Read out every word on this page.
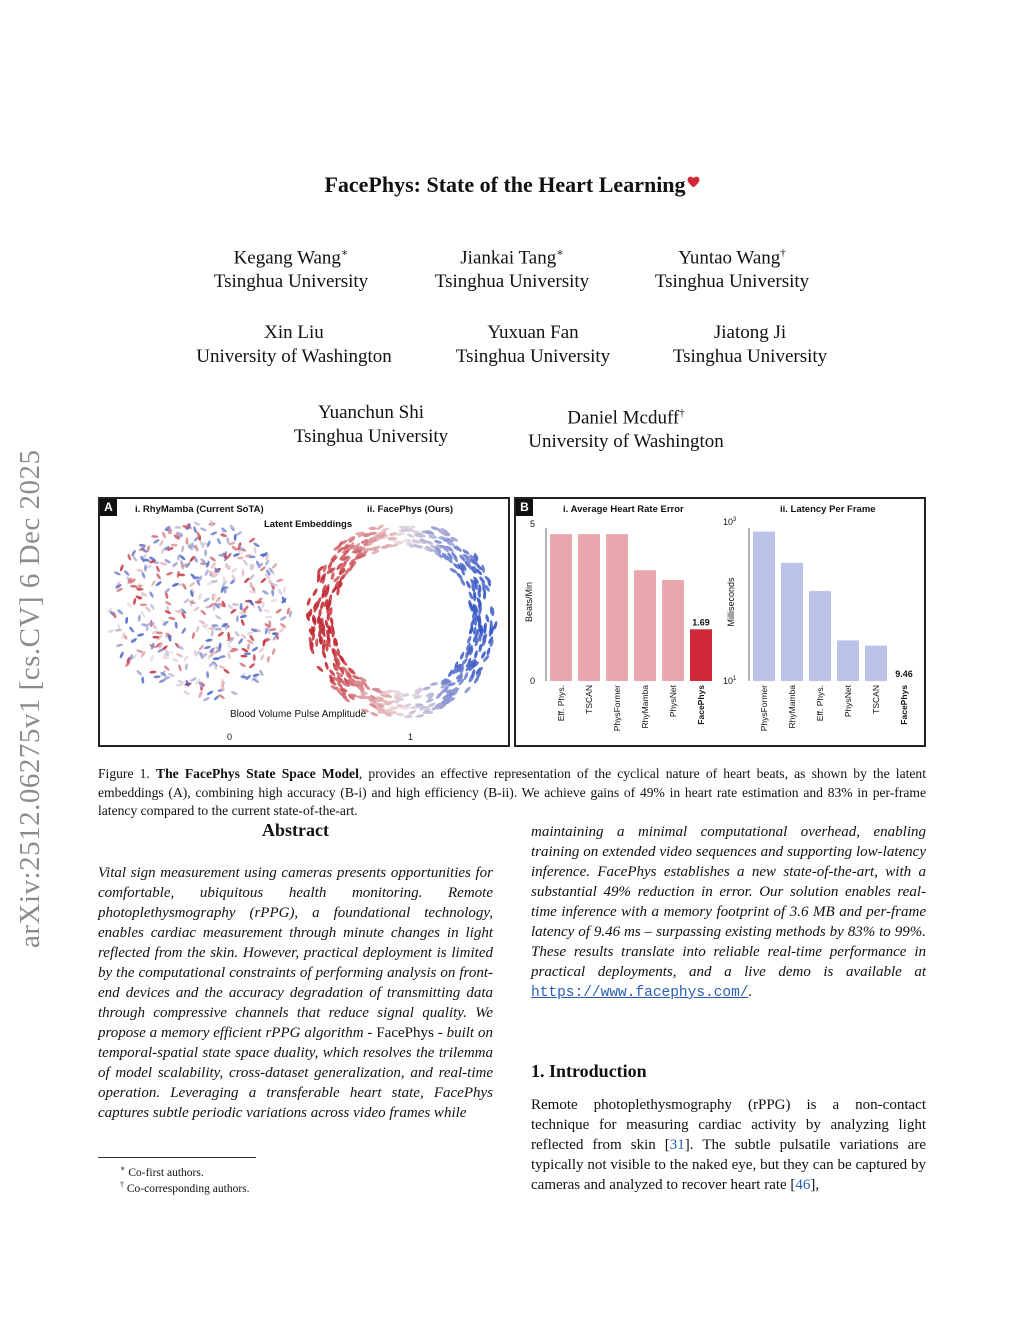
arXiv:2512.06275v1 [cs.CV] 6 Dec 2025
FacePhys: State of the Heart Learning
Kegang Wang∗
Tsinghua University
Jiankai Tang∗
Tsinghua University
Yuntao Wang†
Tsinghua University
Xin Liu
University of Washington
Yuxuan Fan
Tsinghua University
Jiatong Ji
Tsinghua University
Yuanchun Shi
Tsinghua University
Daniel Mcduff†
University of Washington
A	i. RhyMamba (Current SoTA)	ii. FacePhys (Ours)
Latent Embeddings
Blood Volume Pulse Amplitude
0	1
B	i. Average Heart Rate Error	ii. Latency Per Frame
5
0
Beats/Min
$10^3$
$10^1$
Milliseconds
Eff. Phys. TSCAN PhysFormer RhyMamba PhysNet
1.69
FacePhys	PhysFormer RhyMamba Eff. Phys. PhysNet TSCAN
9.46
FacePhys
Figure 1. The FacePhys State Space Model, provides an effective representation of the cyclical nature of heart beats, as shown by the latent embeddings (A), combining high accuracy (B-i) and high efficiency (B-ii). We achieve gains of 49% in heart rate estimation and 83% in per-frame latency compared to the current state-of-the-art.
Abstract
Vital sign measurement using cameras presents opportunities for comfortable, ubiquitous health monitoring. Remote photoplethysmography (rPPG), a foundational technology, enables cardiac measurement through minute changes in light reflected from the skin. However, practical deployment is limited by the computational constraints of performing analysis on front-end devices and the accuracy degradation of transmitting data through compressive channels that reduce signal quality. We propose a memory efficient rPPG algorithm - FacePhys - built on temporal-spatial state space duality, which resolves the trilemma of model scalability, cross-dataset generalization, and real-time operation. Leveraging a transferable heart state, FacePhys captures subtle periodic variations across video frames while
maintaining a minimal computational overhead, enabling training on extended video sequences and supporting low-latency inference. FacePhys establishes a new state-of-the-art, with a substantial 49% reduction in error. Our solution enables real-time inference with a memory footprint of 3.6 MB and per-frame latency of 9.46 ms – surpassing existing methods by 83% to 99%. These results translate into reliable real-time performance in practical deployments, and a live demo is available at https://www.facephys.com/.
1. Introduction
Remote photoplethysmography (rPPG) is a non-contact technique for measuring cardiac activity by analyzing light reflected from skin [31]. The subtle pulsatile variations are typically not visible to the naked eye, but they can be captured by cameras and analyzed to recover heart rate [46],
∗ Co-first authors.
† Co-corresponding authors.
